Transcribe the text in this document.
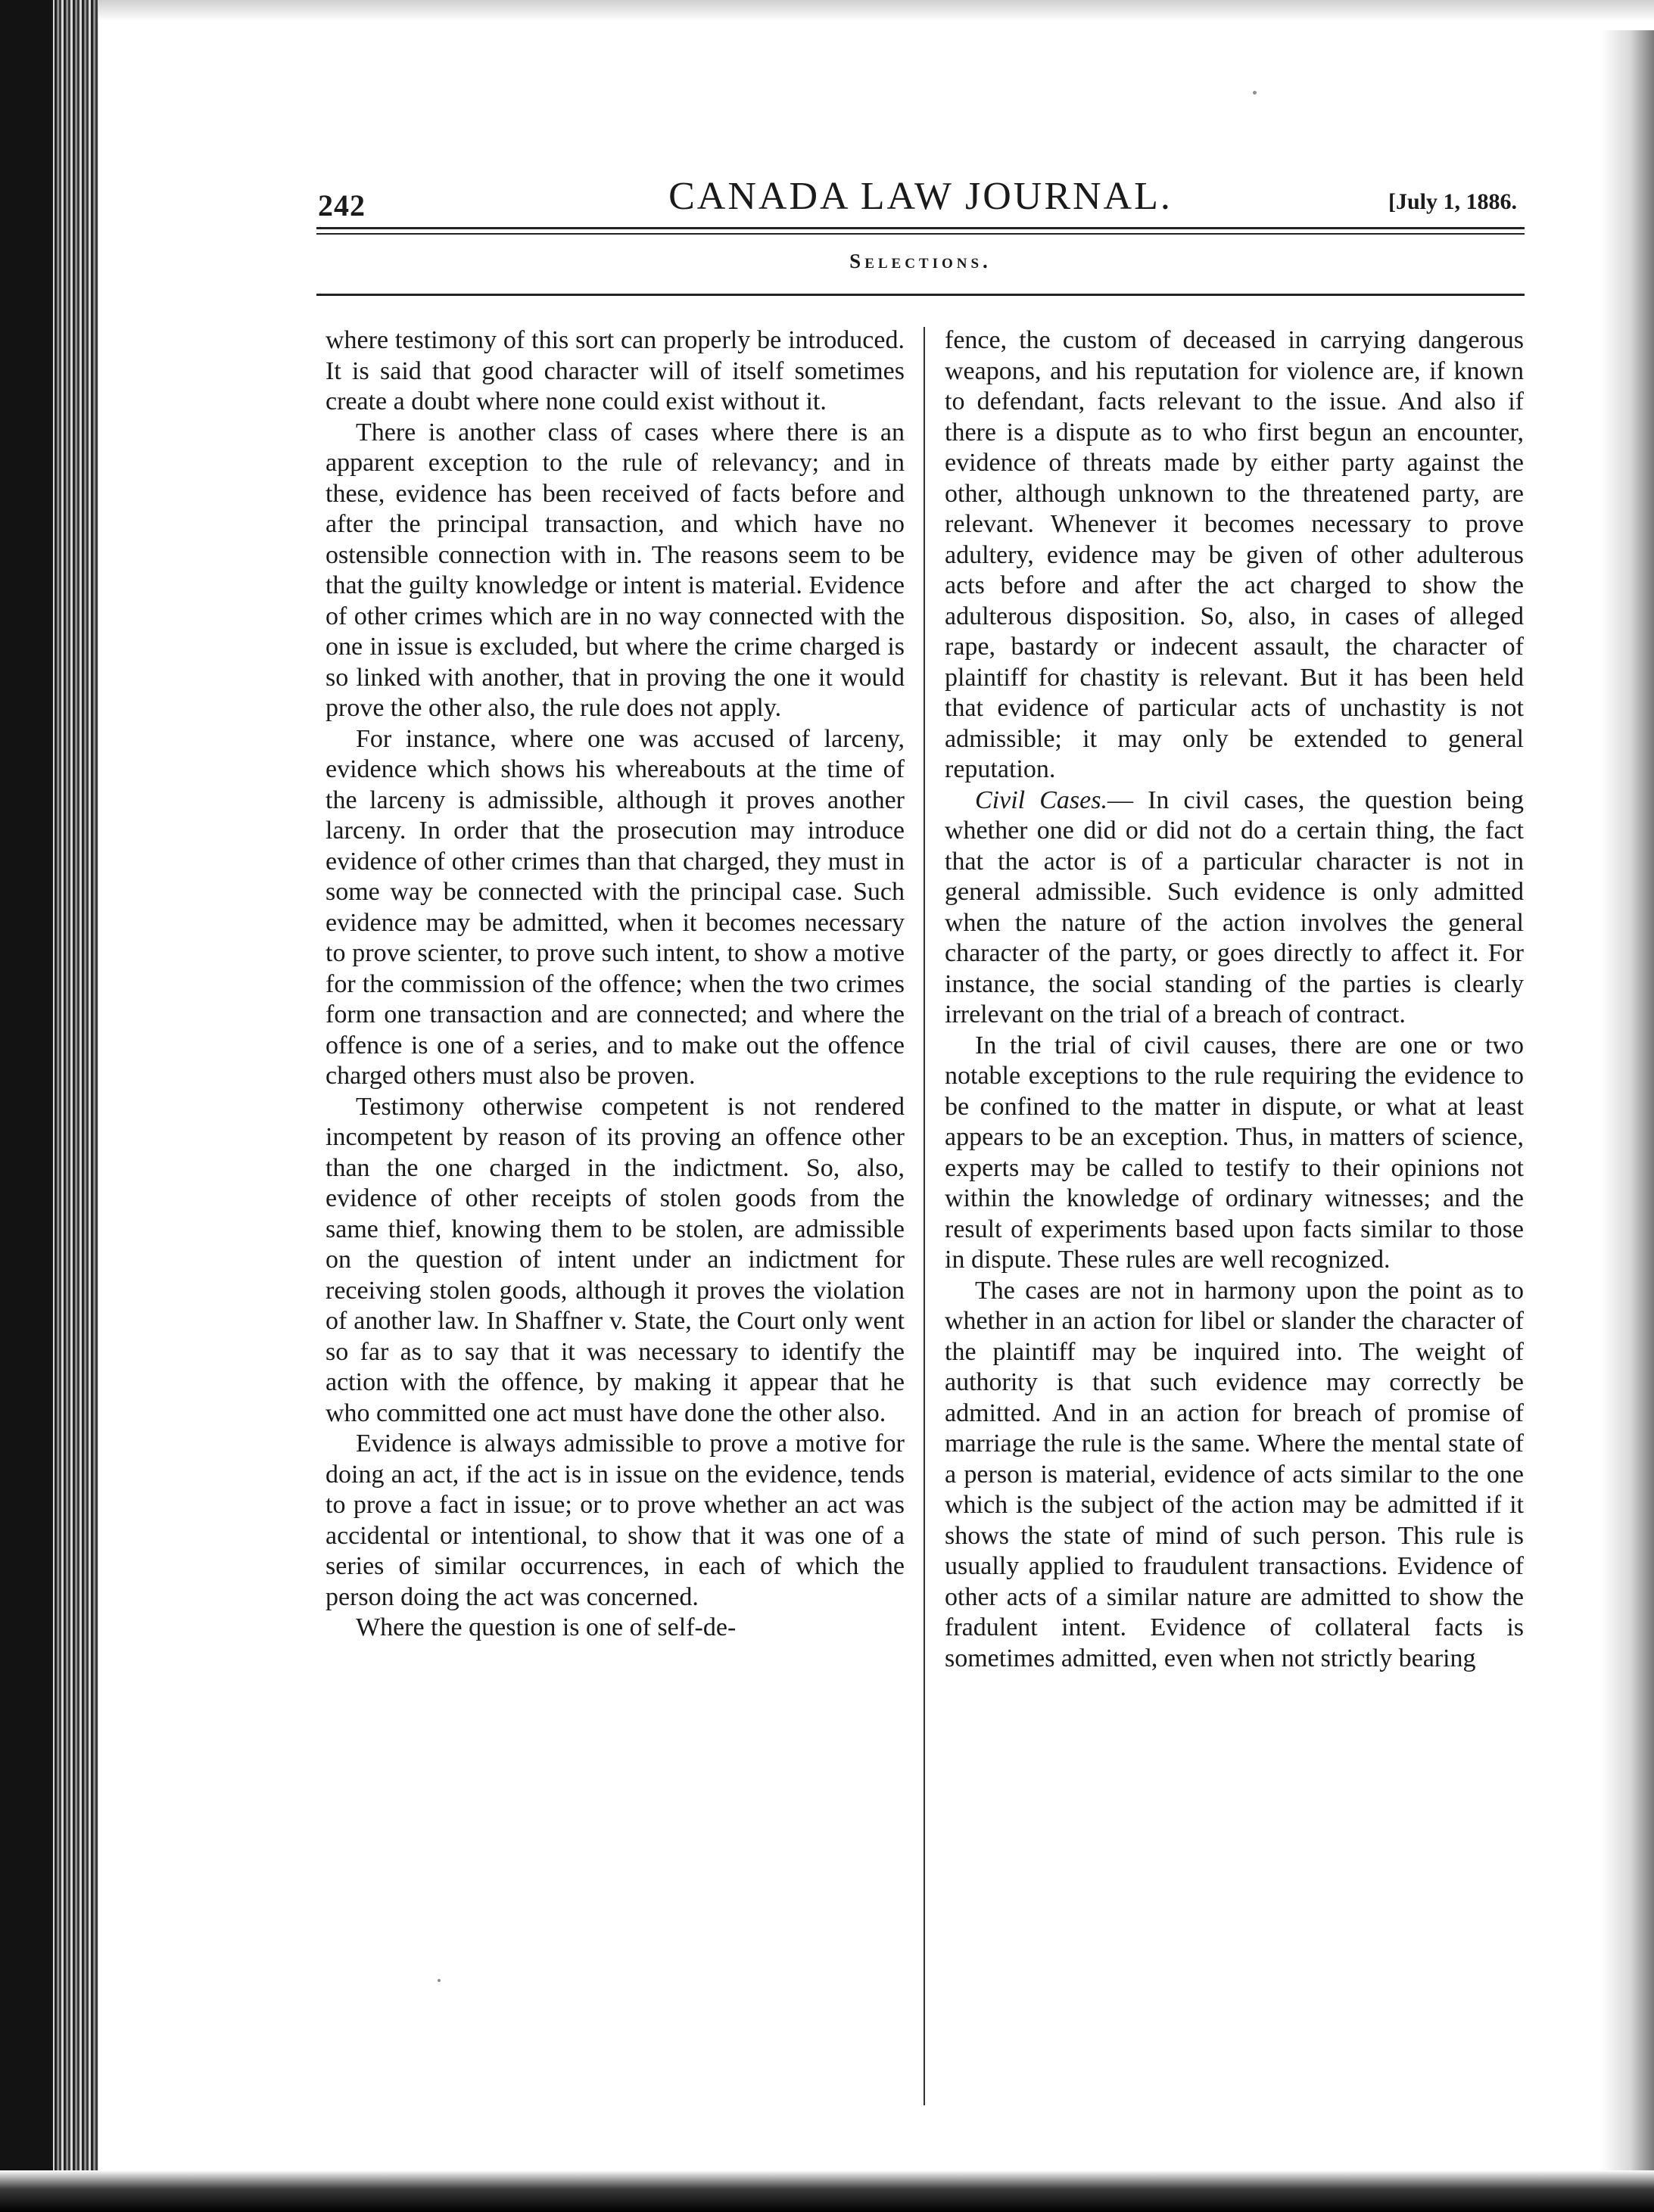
242	CANADA LAW JOURNAL.	[July 1, 1886.
Selections.

where testimony of this sort can properly be introduced. It is said that good character will of itself sometimes create a doubt where none could exist without it.

There is another class of cases where there is an apparent exception to the rule of relevancy; and in these, evidence has been received of facts before and after the principal transaction, and which have no ostensible connection with in. The reasons seem to be that the guilty knowledge or intent is material. Evidence of other crimes which are in no way connected with the one in issue is excluded, but where the crime charged is so linked with another, that in proving the one it would prove the other also, the rule does not apply.

For instance, where one was accused of larceny, evidence which shows his whereabouts at the time of the larceny is admissible, although it proves another larceny. In order that the prosecution may introduce evidence of other crimes than that charged, they must in some way be connected with the principal case. Such evidence may be admitted, when it becomes necessary to prove scienter, to prove such intent, to show a motive for the commission of the offence; when the two crimes form one transaction and are connected; and where the offence is one of a series, and to make out the offence charged others must also be proven.

Testimony otherwise competent is not rendered incompetent by reason of its proving an offence other than the one charged in the indictment. So, also, evidence of other receipts of stolen goods from the same thief, knowing them to be stolen, are admissible on the question of intent under an indictment for receiving stolen goods, although it proves the violation of another law. In Shaffner v. State, the Court only went so far as to say that it was necessary to identify the action with the offence, by making it appear that he who committed one act must have done the other also.

Evidence is always admissible to prove a motive for doing an act, if the act is in issue on the evidence, tends to prove a fact in issue; or to prove whether an act was accidental or intentional, to show that it was one of a series of similar occurrences, in each of which the person doing the act was concerned.

Where the question is one of self-de-

fence, the custom of deceased in carrying dangerous weapons, and his reputation for violence are, if known to defendant, facts relevant to the issue. And also if there is a dispute as to who first begun an encounter, evidence of threats made by either party against the other, although unknown to the threatened party, are relevant. Whenever it becomes necessary to prove adultery, evidence may be given of other adulterous acts before and after the act charged to show the adulterous disposition. So, also, in cases of alleged rape, bastardy or indecent assault, the character of plaintiff for chastity is relevant. But it has been held that evidence of particular acts of unchastity is not admissible; it may only be extended to general reputation.

Civil Cases.— In civil cases, the question being whether one did or did not do a certain thing, the fact that the actor is of a particular character is not in general admissible. Such evidence is only admitted when the nature of the action involves the general character of the party, or goes directly to affect it. For instance, the social standing of the parties is clearly irrelevant on the trial of a breach of contract.

In the trial of civil causes, there are one or two notable exceptions to the rule requiring the evidence to be confined to the matter in dispute, or what at least appears to be an exception. Thus, in matters of science, experts may be called to testify to their opinions not within the knowledge of ordinary witnesses; and the result of experiments based upon facts similar to those in dispute. These rules are well recognized.

The cases are not in harmony upon the point as to whether in an action for libel or slander the character of the plaintiff may be inquired into. The weight of authority is that such evidence may correctly be admitted. And in an action for breach of promise of marriage the rule is the same. Where the mental state of a person is material, evidence of acts similar to the one which is the subject of the action may be admitted if it shows the state of mind of such person. This rule is usually applied to fraudulent transactions. Evidence of other acts of a similar nature are admitted to show the fradulent intent. Evidence of collateral facts is sometimes admitted, even when not strictly bearing
